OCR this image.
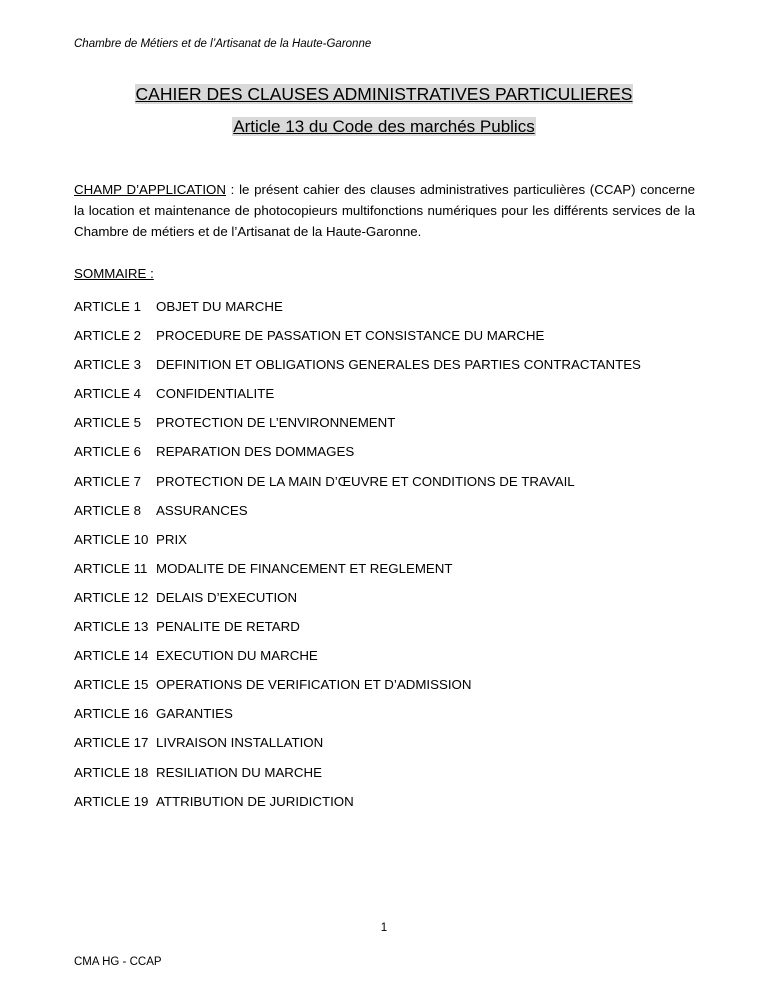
Chambre de Métiers et de l’Artisanat de la Haute-Garonne
CAHIER DES CLAUSES ADMINISTRATIVES PARTICULIERES
Article 13 du Code des marchés Publics
CHAMP D’APPLICATION : le présent cahier des clauses administratives particulières (CCAP) concerne la location et maintenance de photocopieurs multifonctions numériques pour les différents services de la Chambre de métiers et de l’Artisanat de la Haute-Garonne.
SOMMAIRE :
ARTICLE 1	OBJET DU MARCHE
ARTICLE 2	PROCEDURE DE PASSATION ET CONSISTANCE DU MARCHE
ARTICLE 3	DEFINITION ET OBLIGATIONS GENERALES DES PARTIES CONTRACTANTES
ARTICLE 4	CONFIDENTIALITE
ARTICLE 5	PROTECTION DE L’ENVIRONNEMENT
ARTICLE 6	REPARATION DES DOMMAGES
ARTICLE 7	PROTECTION DE LA MAIN D’ŒUVRE ET CONDITIONS DE TRAVAIL
ARTICLE 8	ASSURANCES
ARTICLE 10 PRIX
ARTICLE 11 MODALITE DE FINANCEMENT ET REGLEMENT
ARTICLE 12 DELAIS D’EXECUTION
ARTICLE 13 PENALITE DE RETARD
ARTICLE 14 EXECUTION DU MARCHE
ARTICLE 15 OPERATIONS DE VERIFICATION ET D’ADMISSION
ARTICLE 16 GARANTIES
ARTICLE 17 LIVRAISON INSTALLATION
ARTICLE 18 RESILIATION DU MARCHE
ARTICLE 19 ATTRIBUTION DE JURIDICTION
1
CMA HG - CCAP
